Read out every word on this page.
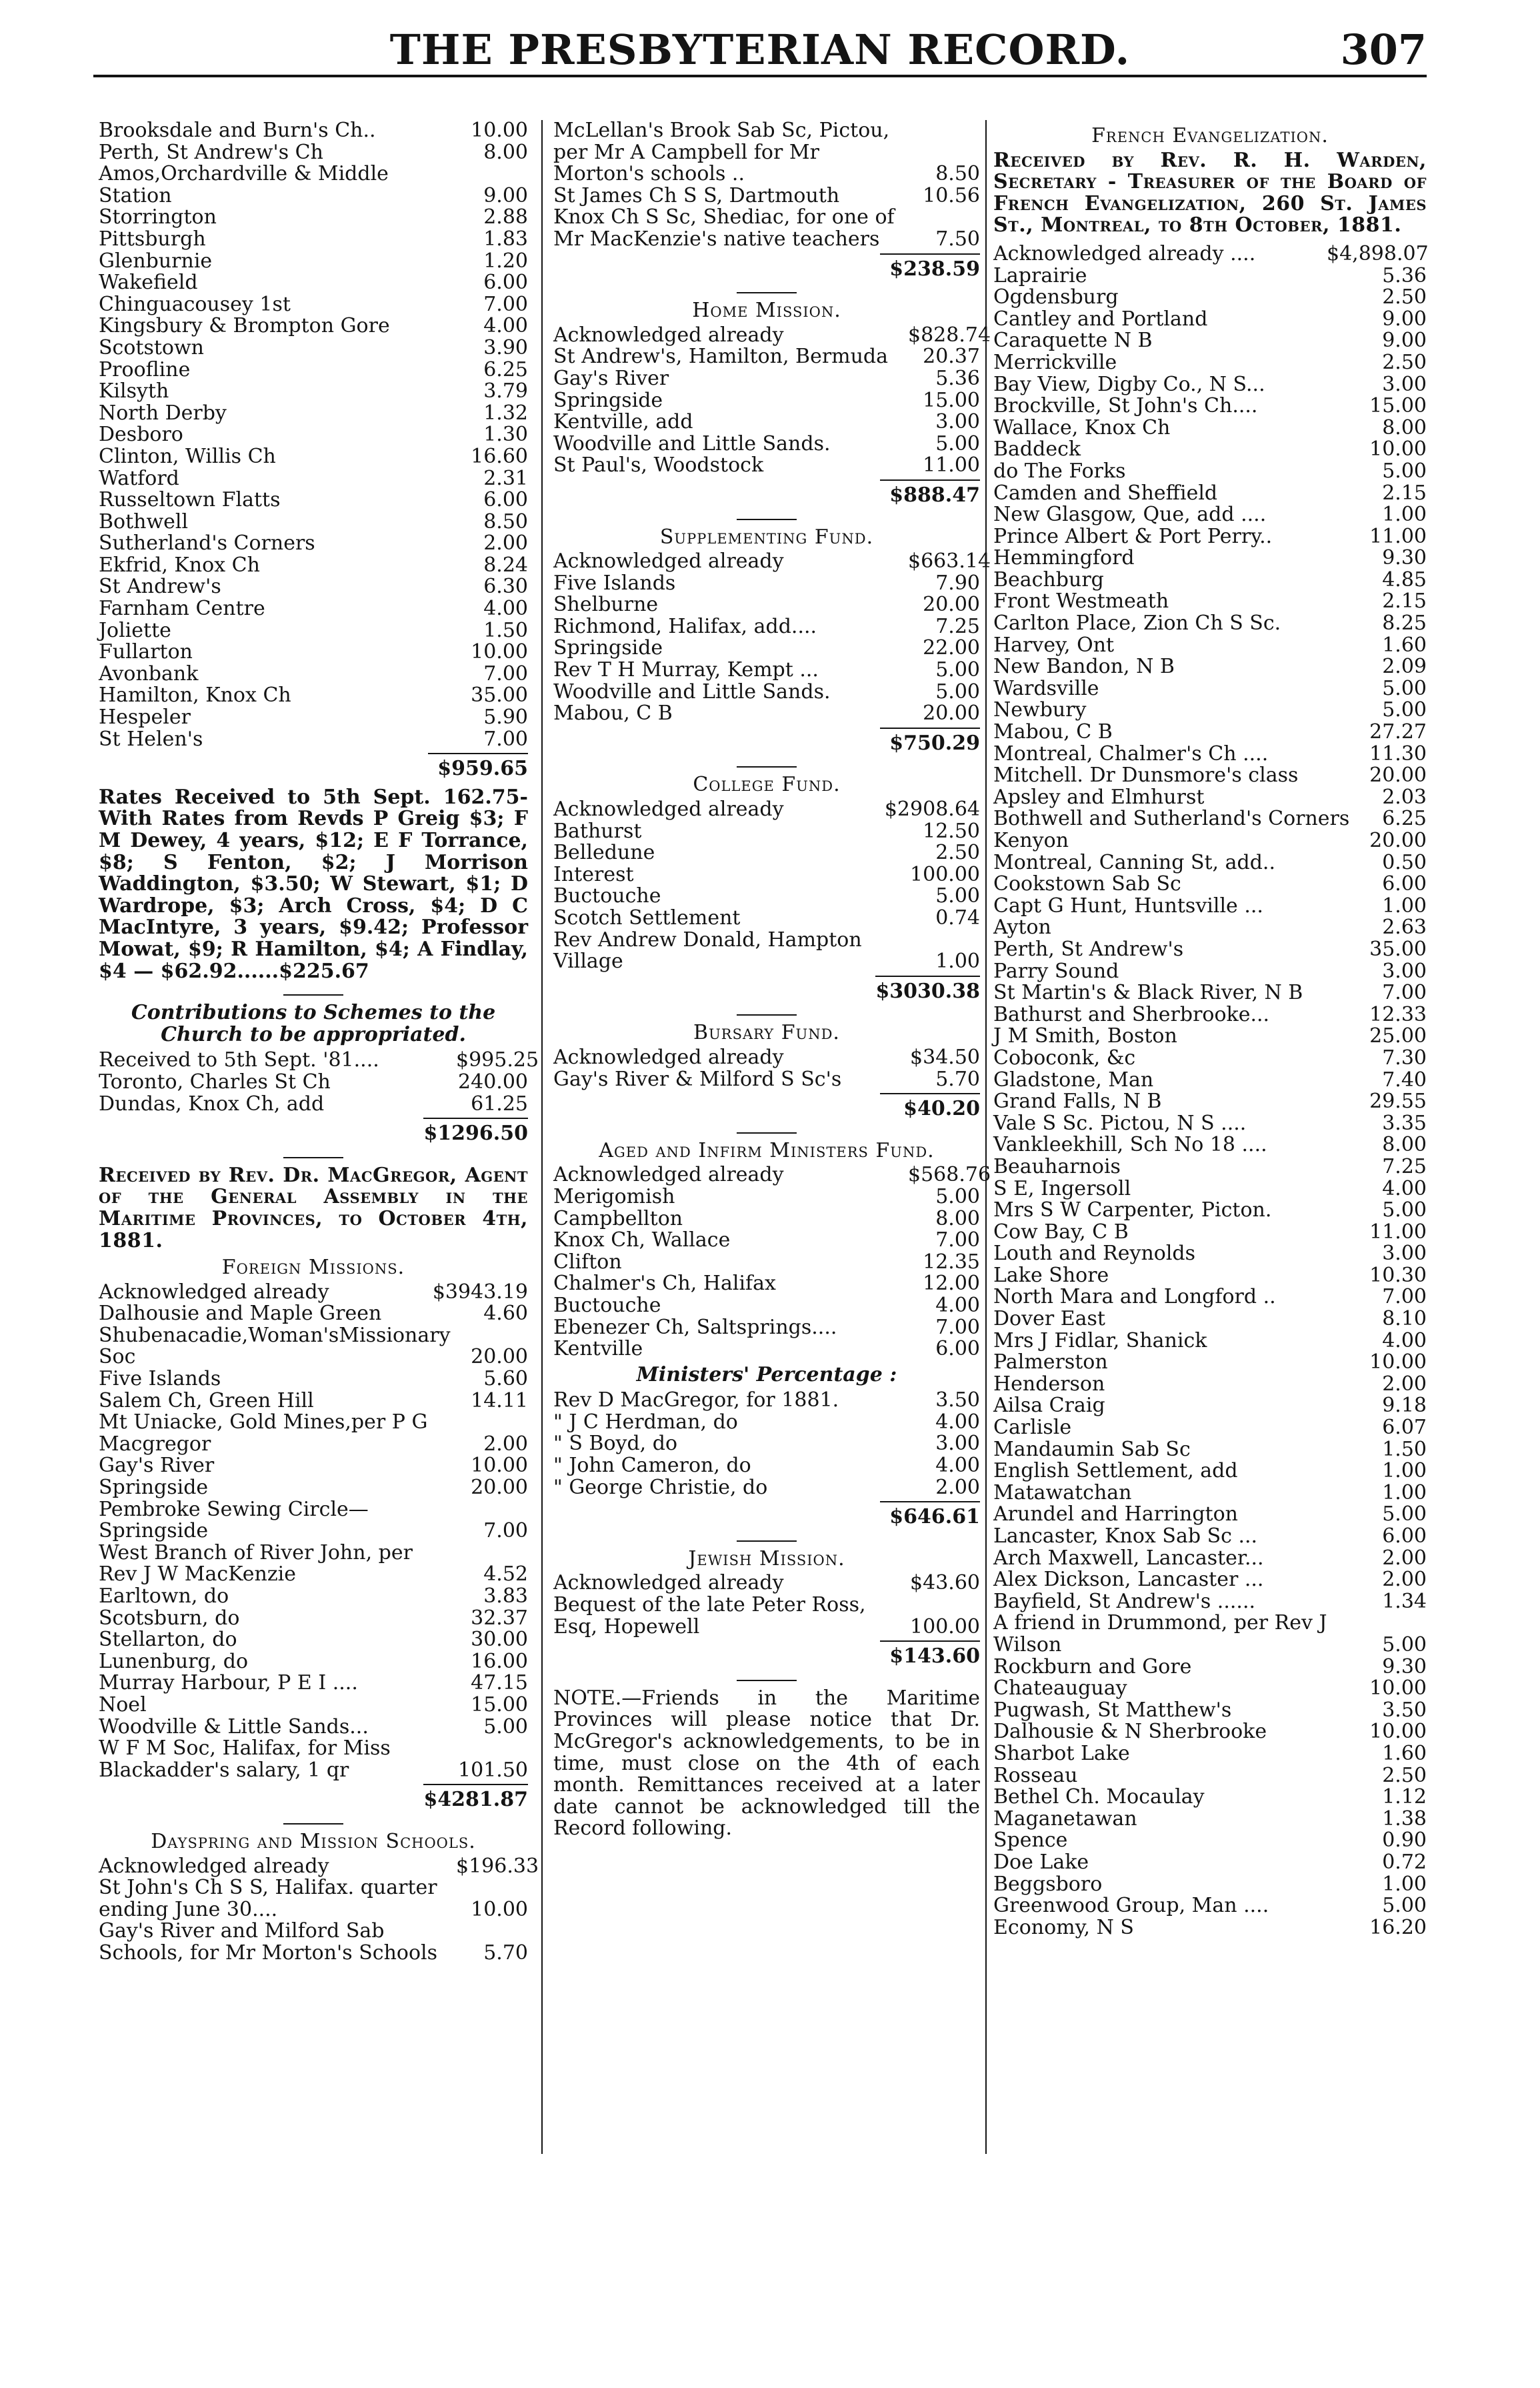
THE PRESBYTERIAN RECORD.	307
Brooksdale and Burn's Ch..	10.00
Perth, St Andrew's Ch	8.00
Amos,Orchardville & Middle Station	9.00
Storrington	2.88
Pittsburgh	1.83
Glenburnie	1.20
Wakefield	6.00
Chinguacousey 1st	7.00
Kingsbury & Brompton Gore	4.00
Scotstown	3.90
Proofline	6.25
Kilsyth	3.79
North Derby	1.32
Desboro	1.30
Clinton, Willis Ch	16.60
Watford	2.31
Russeltown Flatts	6.00
Bothwell	8.50
Sutherland's Corners	2.00
Ekfrid, Knox Ch	8.24
St Andrew's	6.30
Farnham Centre	4.00
Joliette	1.50
Fullarton	10.00
Avonbank	7.00
Hamilton, Knox Ch	35.00
Hespeler	5.90
St Helen's	7.00
$959.65
Rates Received to 5th Sept. 162.75- With Rates from Revds P Greig $3; F M Dewey, 4 years, $12; E F Torrance, $8; S Fenton, $2; J Morrison Waddington, $3.50; W Stewart, $1; D Wardrope, $3; Arch Cross, $4; D C MacIntyre, 3 years, $9.42; Professor Mowat, $9; R Hamilton, $4; A Findlay, $4 — $62.92......$225.67
Contributions to Schemes to the Church to be appropriated.
Received to 5th Sept. '81....	$995.25
Toronto, Charles St Ch	240.00
Dundas, Knox Ch, add	61.25
$1296.50
Received by Rev. Dr. MacGregor, Agent of the General Assembly in the Maritime Provinces, to October 4th, 1881.
Foreign Missions.
Acknowledged already	$3943.19
Dalhousie and Maple Green	4.60
Shubenacadie,Woman'sMissionary Soc	20.00
Five Islands	5.60
Salem Ch, Green Hill	14.11
Mt Uniacke, Gold Mines,per P G Macgregor	2.00
Gay's River	10.00
Springside	20.00
Pembroke Sewing Circle— Springside	7.00
West Branch of River John, per Rev J W MacKenzie	4.52
Earltown, do	3.83
Scotsburn, do	32.37
Stellarton, do	30.00
Lunenburg, do	16.00
Murray Harbour, P E I ....	47.15
Noel	15.00
Woodville & Little Sands...	5.00
W F M Soc, Halifax, for Miss Blackadder's salary, 1 qr	101.50
$4281.87
Dayspring and Mission Schools.
Acknowledged already	$196.33
St John's Ch S S, Halifax. quarter ending June 30....	10.00
Gay's River and Milford Sab Schools, for Mr Morton's Schools	5.70
McLellan's Brook Sab Sc, Pictou, per Mr A Campbell for Mr Morton's schools ..	8.50
St James Ch S S, Dartmouth	10.56
Knox Ch S Sc, Shediac, for one of Mr MacKenzie's native teachers	7.50
$238.59
Home Mission.
Acknowledged already	$828.74
St Andrew's, Hamilton, Bermuda	20.37
Gay's River	5.36
Springside	15.00
Kentville, add	3.00
Woodville and Little Sands.	5.00
St Paul's, Woodstock	11.00
$888.47
Supplementing Fund.
Acknowledged already	$663.14
Five Islands	7.90
Shelburne	20.00
Richmond, Halifax, add....	7.25
Springside	22.00
Rev T H Murray, Kempt ...	5.00
Woodville and Little Sands.	5.00
Mabou, C B	20.00
$750.29
College Fund.
Acknowledged already	$2908.64
Bathurst	12.50
Belledune	2.50
Interest	100.00
Buctouche	5.00
Scotch Settlement	0.74
Rev Andrew Donald, Hampton Village	1.00
$3030.38
Bursary Fund.
Acknowledged already	$34.50
Gay's River & Milford S Sc's	5.70
$40.20
Aged and Infirm Ministers Fund.
Acknowledged already	$568.76
Merigomish	5.00
Campbellton	8.00
Knox Ch, Wallace	7.00
Clifton	12.35
Chalmer's Ch, Halifax	12.00
Buctouche	4.00
Ebenezer Ch, Saltsprings....	7.00
Kentville	6.00
Ministers' Percentage :
Rev D MacGregor, for 1881.	3.50
" J C Herdman, do	4.00
" S Boyd, do	3.00
" John Cameron, do	4.00
" George Christie, do	2.00
$646.61
Jewish Mission.
Acknowledged already	$43.60
Bequest of the late Peter Ross, Esq, Hopewell	100.00
$143.60
NOTE.—Friends in the Maritime Provinces will please notice that Dr. McGregor's acknowledgements, to be in time, must close on the 4th of each month. Remittances received at a later date cannot be acknowledged till the Record following.
French Evangelization.
Received by Rev. R. H. Warden, Secretary - Treasurer of the Board of French Evangelization, 260 St. James St., Montreal, to 8th October, 1881.
Acknowledged already ....	$4,898.07
Laprairie	5.36
Ogdensburg	2.50
Cantley and Portland	9.00
Caraquette N B	9.00
Merrickville	2.50
Bay View, Digby Co., N S...	3.00
Brockville, St John's Ch....	15.00
Wallace, Knox Ch	8.00
Baddeck	10.00
do The Forks	5.00
Camden and Sheffield	2.15
New Glasgow, Que, add ....	1.00
Prince Albert & Port Perry..	11.00
Hemmingford	9.30
Beachburg	4.85
Front Westmeath	2.15
Carlton Place, Zion Ch S Sc.	8.25
Harvey, Ont	1.60
New Bandon, N B	2.09
Wardsville	5.00
Newbury	5.00
Mabou, C B	27.27
Montreal, Chalmer's Ch ....	11.30
Mitchell. Dr Dunsmore's class	20.00
Apsley and Elmhurst	2.03
Bothwell and Sutherland's Corners	6.25
Kenyon	20.00
Montreal, Canning St, add..	0.50
Cookstown Sab Sc	6.00
Capt G Hunt, Huntsville ...	1.00
Ayton	2.63
Perth, St Andrew's	35.00
Parry Sound	3.00
St Martin's & Black River, N B	7.00
Bathurst and Sherbrooke...	12.33
J M Smith, Boston	25.00
Coboconk, &c	7.30
Gladstone, Man	7.40
Grand Falls, N B	29.55
Vale S Sc. Pictou, N S ....	3.35
Vankleekhill, Sch No 18 ....	8.00
Beauharnois	7.25
S E, Ingersoll	4.00
Mrs S W Carpenter, Picton.	5.00
Cow Bay, C B	11.00
Louth and Reynolds	3.00
Lake Shore	10.30
North Mara and Longford ..	7.00
Dover East	8.10
Mrs J Fidlar, Shanick	4.00
Palmerston	10.00
Henderson	2.00
Ailsa Craig	9.18
Carlisle	6.07
Mandaumin Sab Sc	1.50
English Settlement, add	1.00
Matawatchan	1.00
Arundel and Harrington	5.00
Lancaster, Knox Sab Sc ...	6.00
Arch Maxwell, Lancaster...	2.00
Alex Dickson, Lancaster ...	2.00
Bayfield, St Andrew's ......	1.34
A friend in Drummond, per Rev J Wilson	5.00
Rockburn and Gore	9.30
Chateauguay	10.00
Pugwash, St Matthew's	3.50
Dalhousie & N Sherbrooke	10.00
Sharbot Lake	1.60
Rosseau	2.50
Bethel Ch. Mocaulay	1.12
Maganetawan	1.38
Spence	0.90
Doe Lake	0.72
Beggsboro	1.00
Greenwood Group, Man ....	5.00
Economy, N S	16.20
